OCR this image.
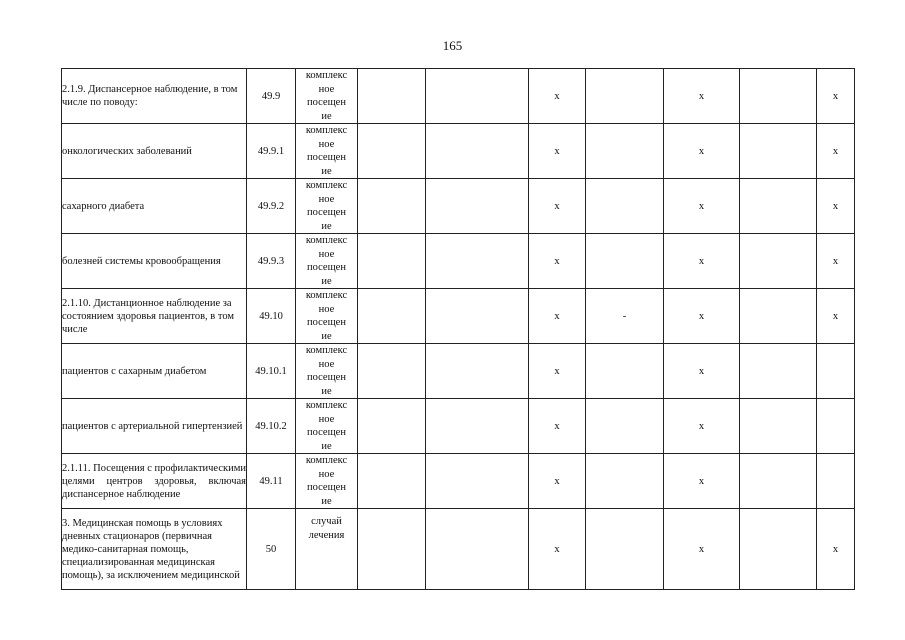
165
2.1.9. Диспансерное наблюдение, в том числе по поводу:	49.9	комплекс
ное
посещен
ие			x		x		x
онкологических заболеваний	49.9.1	комплекс
ное
посещен
ие			x		x		x
сахарного диабета	49.9.2	комплекс
ное
посещен
ие			x		x		x
болезней системы кровообращения	49.9.3	комплекс
ное
посещен
ие			x		x		x
2.1.10. Дистанционное наблюдение за состоянием здоровья пациентов, в том числе	49.10	комплекс
ное
посещен
ие			x	-	x		x
пациентов с сахарным диабетом	49.10.1	комплекс
ное
посещен
ие			x		x		
пациентов с артериальной гипертензией	49.10.2	комплекс
ное
посещен
ие			x		x		
2.1.11. Посещения с профилактическими целями центров здоровья, включая диспансерное наблюдение	49.11	комплекс
ное
посещен
ие			x		x		
3. Медицинская помощь в условиях дневных стационаров (первичная медико-санитарная помощь, специализированная медицинская помощь), за исключением медицинской	50	случай
лечения			x		x		x
